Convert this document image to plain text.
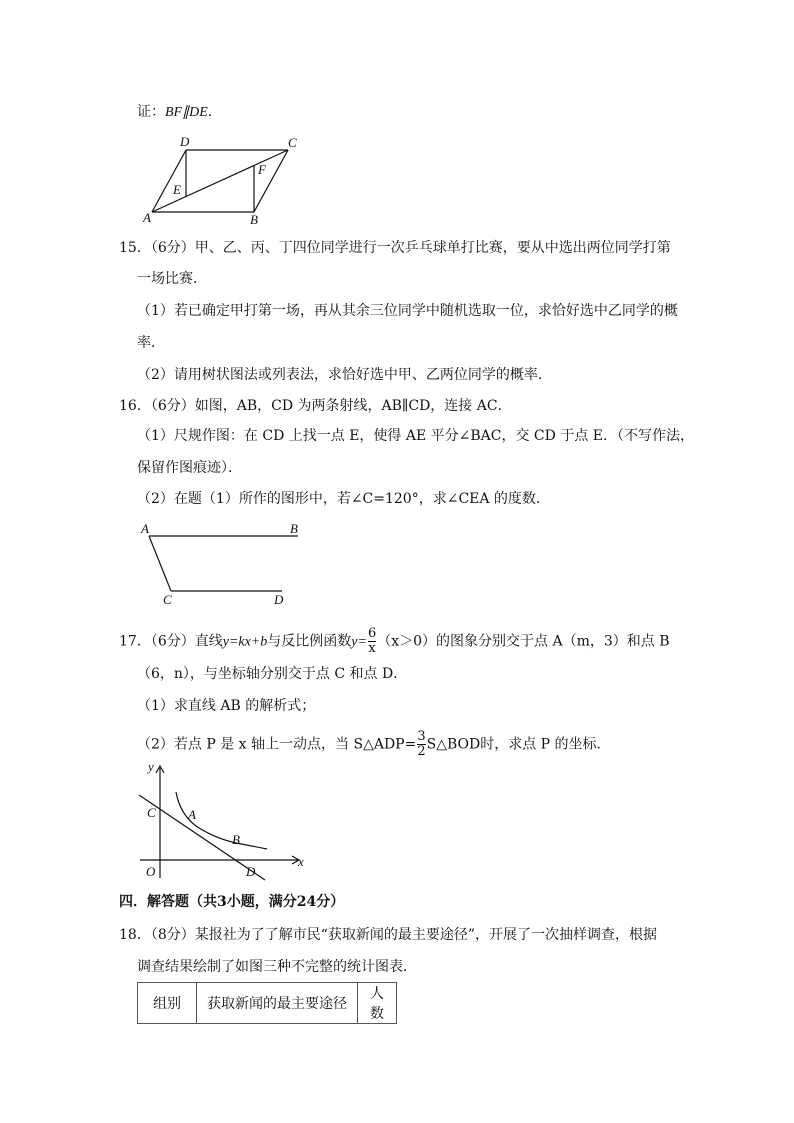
证：BF∥DE．
D	C
F
E
A	B
15．（6分）甲、乙、丙、丁四位同学进行一次乒乓球单打比赛，要从中选出两位同学打第
一场比赛．
（1）若已确定甲打第一场，再从其余三位同学中随机选取一位，求恰好选中乙同学的概
率．
（2）请用树状图法或列表法，求恰好选中甲、乙两位同学的概率．
16．（6分）如图，AB，CD 为两条射线，AB∥CD，连接 AC．
（1）尺规作图：在 CD 上找一点 E，使得 AE 平分∠BAC，交 CD 于点 E．（不写作法，
保留作图痕迹）．
（2）在题（1）所作的图形中，若∠C=120°，求∠CEA 的度数．
A	B
C	D
17．（6分）直线y=kx+b与反比例函数$y= \frac{6}{x} (x>0)$的图象分别交于点 A（m，3）和点 B
（6，n），与坐标轴分别交于点 C 和点 D．
（1）求直线 AB 的解析式；
（2）若点 P 是 x 轴上一动点，当 S△ADP= $\frac{3}{2}$ S△BOD时，求点 P 的坐标．
y
C A
B
O	D
x
四．解答题（共3小题，满分24分）
18．（8分）某报社为了了解市民“获取新闻的最主要途径”，开展了一次抽样调查，根据
调查结果绘制了如图三种不完整的统计图表．
组别	获取新闻的最主要途径	人数
